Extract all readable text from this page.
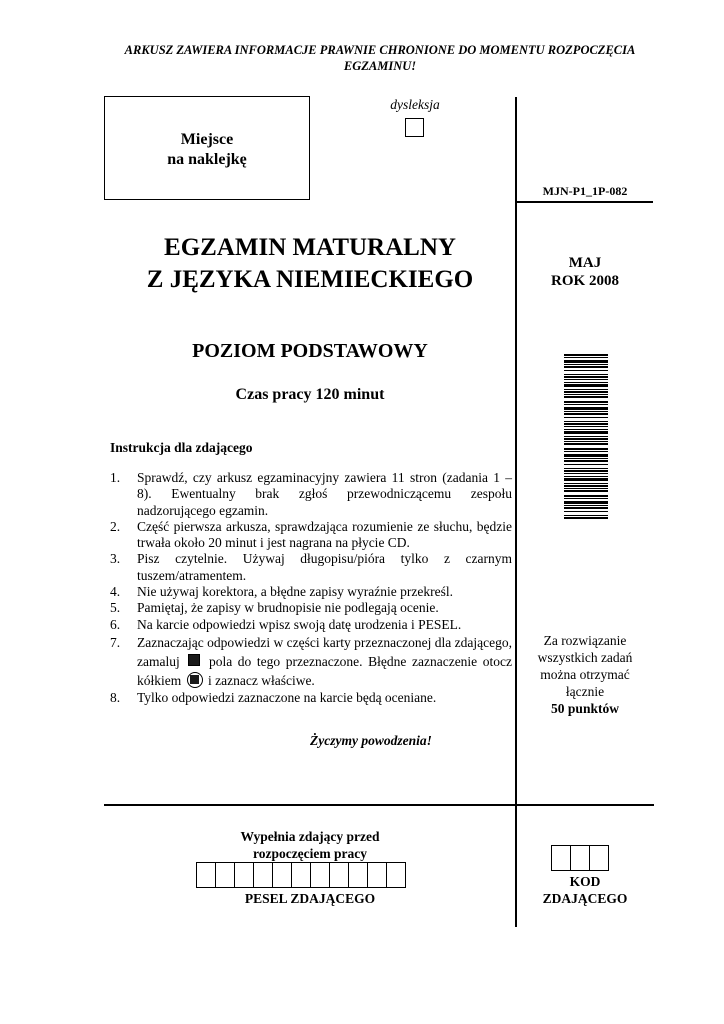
ARKUSZ ZAWIERA INFORMACJE PRAWNIE CHRONIONE DO MOMENTU ROZPOCZĘCIA EGZAMINU!
Miejsce
na naklejkę
dysleksja
MJN-P1_1P-082
EGZAMIN MATURALNY
Z JĘZYKA NIEMIECKIEGO
MAJ
ROK 2008
POZIOM PODSTAWOWY
Czas pracy 120 minut
Instrukcja dla zdającego
1. Sprawdź, czy arkusz egzaminacyjny zawiera 11 stron (zadania 1 – 8). Ewentualny brak zgłoś przewodniczącemu zespołu nadzorującego egzamin.
2. Część pierwsza arkusza, sprawdzająca rozumienie ze słuchu, będzie trwała około 20 minut i jest nagrana na płycie CD.
3. Pisz czytelnie. Używaj długopisu/pióra tylko z czarnym tuszem/atramentem.
4. Nie używaj korektora, a błędne zapisy wyraźnie przekreśl.
5. Pamiętaj, że zapisy w brudnopisie nie podlegają ocenie.
6. Na karcie odpowiedzi wpisz swoją datę urodzenia i PESEL.
7. Zaznaczając odpowiedzi w części karty przeznaczonej dla zdającego, zamaluj pola do tego przeznaczone. Błędne zaznaczenie otocz kółkiem i zaznacz właściwe.
8. Tylko odpowiedzi zaznaczone na karcie będą oceniane.
Życzymy powodzenia!
Za rozwiązanie
wszystkich zadań
można otrzymać
łącznie
50 punktów
Wypełnia zdający przed
rozpoczęciem pracy
PESEL ZDAJĄCEGO
KOD
ZDAJĄCEGO
